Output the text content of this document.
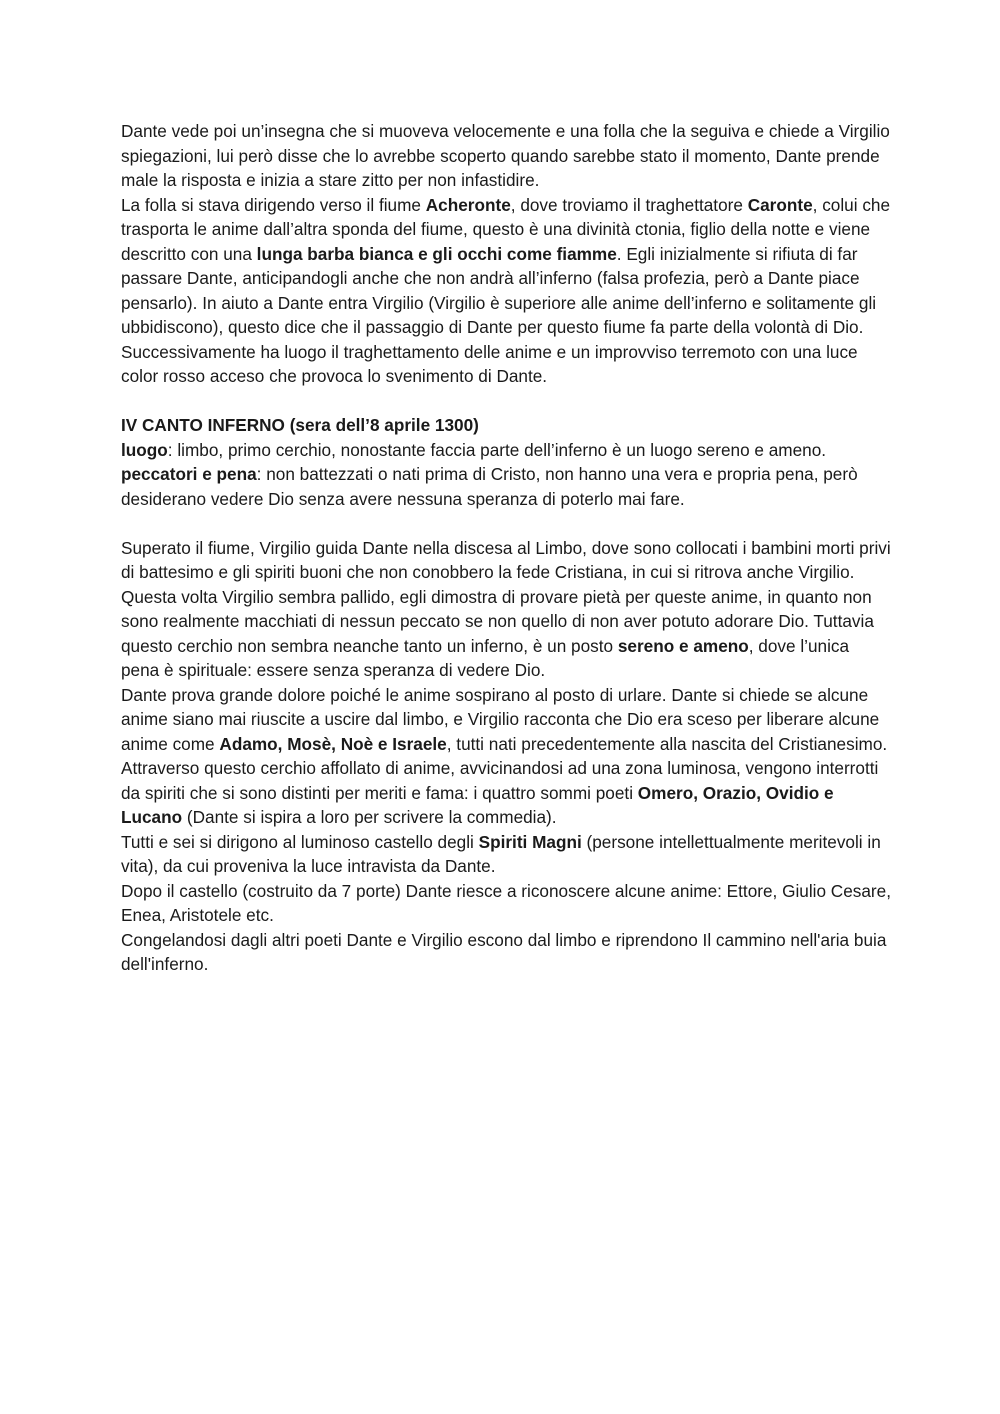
Dante vede poi un’insegna che si muoveva velocemente e una folla che la seguiva e chiede a Virgilio spiegazioni, lui però disse che lo avrebbe scoperto quando sarebbe stato il momento, Dante prende male la risposta e inizia a stare zitto per non infastidire.

La folla si stava dirigendo verso il fiume Acheronte, dove troviamo il traghettatore Caronte, colui che trasporta le anime dall’altra sponda del fiume, questo è una divinità ctonia, figlio della notte e viene descritto con una lunga barba bianca e gli occhi come fiamme. Egli inizialmente si rifiuta di far passare Dante, anticipandogli anche che non andrà all’inferno (falsa profezia, però a Dante piace pensarlo). In aiuto a Dante entra Virgilio (Virgilio è superiore alle anime dell’inferno e solitamente gli ubbidiscono), questo dice che il passaggio di Dante per questo fiume fa parte della volontà di Dio.

Successivamente ha luogo il traghettamento delle anime e un improvviso terremoto con una luce color rosso acceso che provoca lo svenimento di Dante.

IV CANTO INFERNO (sera dell’8 aprile 1300)

luogo: limbo, primo cerchio, nonostante faccia parte dell’inferno è un luogo sereno e ameno.

peccatori e pena: non battezzati o nati prima di Cristo, non hanno una vera e propria pena, però desiderano vedere Dio senza avere nessuna speranza di poterlo mai fare.

Superato il fiume, Virgilio guida Dante nella discesa al Limbo, dove sono collocati i bambini morti privi di battesimo e gli spiriti buoni che non conobbero la fede Cristiana, in cui si ritrova anche Virgilio.

Questa volta Virgilio sembra pallido, egli dimostra di provare pietà per queste anime, in quanto non sono realmente macchiati di nessun peccato se non quello di non aver potuto adorare Dio. Tuttavia questo cerchio non sembra neanche tanto un inferno, è un posto sereno e ameno, dove l’unica pena è spirituale: essere senza speranza di vedere Dio.

Dante prova grande dolore poiché le anime sospirano al posto di urlare. Dante si chiede se alcune anime siano mai riuscite a uscire dal limbo, e Virgilio racconta che Dio era sceso per liberare alcune anime come Adamo, Mosè, Noè e Israele, tutti nati precedentemente alla nascita del Cristianesimo.

Attraverso questo cerchio affollato di anime, avvicinandosi ad una zona luminosa, vengono interrotti da spiriti che si sono distinti per meriti e fama: i quattro sommi poeti Omero, Orazio, Ovidio e Lucano (Dante si ispira a loro per scrivere la commedia).

Tutti e sei si dirigono al luminoso castello degli Spiriti Magni (persone intellettualmente meritevoli in vita), da cui proveniva la luce intravista da Dante.

Dopo il castello (costruito da 7 porte) Dante riesce a riconoscere alcune anime: Ettore, Giulio Cesare, Enea, Aristotele etc.

Congelandosi dagli altri poeti Dante e Virgilio escono dal limbo e riprendono Il cammino nell'aria buia dell'inferno.
